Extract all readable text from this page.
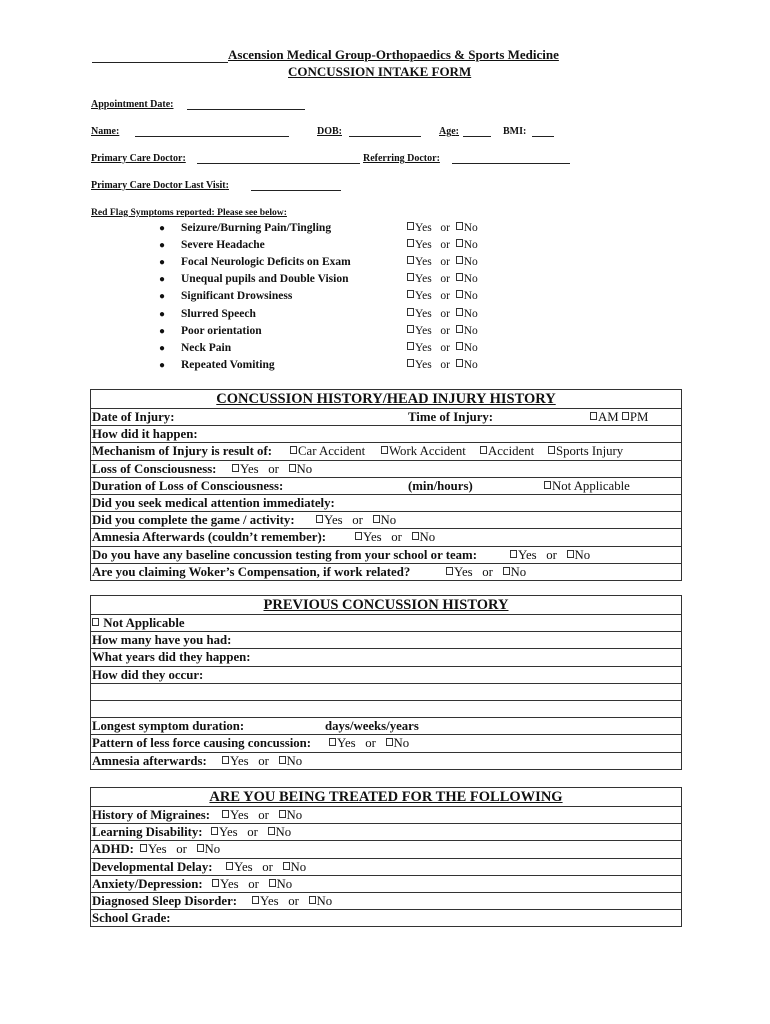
Ascension Medical Group-Orthopaedics & Sports Medicine
CONCUSSION INTAKE FORM
Appointment Date:
Name:	DOB:	Age:	BMI:
Primary Care Doctor:	Referring Doctor:
Primary Care Doctor Last Visit:
Red Flag Symptoms reported: Please see below:
● Seizure/Burning Pain/Tingling	Yes or No
● Severe Headache	Yes or No
● Focal Neurologic Deficits on Exam	Yes or No
● Unequal pupils and Double Vision	Yes or No
● Significant Drowsiness	Yes or No
● Slurred Speech	Yes or No
● Poor orientation	Yes or No
● Neck Pain	Yes or No
● Repeated Vomiting	Yes or No
CONCUSSION HISTORY/HEAD INJURY HISTORY
Date of Injury:	Time of Injury:	AM PM
How did it happen:
Mechanism of Injury is result of:	Car Accident	Work Accident	Accident	Sports Injury
Loss of Consciousness:	Yes or No
Duration of Loss of Consciousness:	(min/hours)	Not Applicable
Did you seek medical attention immediately:
Did you complete the game / activity:	Yes or No
Amnesia Afterwards (couldn’t remember):	Yes or No
Do you have any baseline concussion testing from your school or team:	Yes or No
Are you claiming Woker’s Compensation, if work related?	Yes or No
PREVIOUS CONCUSSION HISTORY
Not Applicable
How many have you had:
What years did they happen:
How did they occur:
Longest symptom duration:	days/weeks/years
Pattern of less force causing concussion:	Yes or No
Amnesia afterwards:	Yes or No
ARE YOU BEING TREATED FOR THE FOLLOWING
History of Migraines:	Yes or No
Learning Disability:	Yes or No
ADHD:	Yes or No
Developmental Delay:	Yes or No
Anxiety/Depression:	Yes or No
Diagnosed Sleep Disorder:	Yes or No
School Grade:
